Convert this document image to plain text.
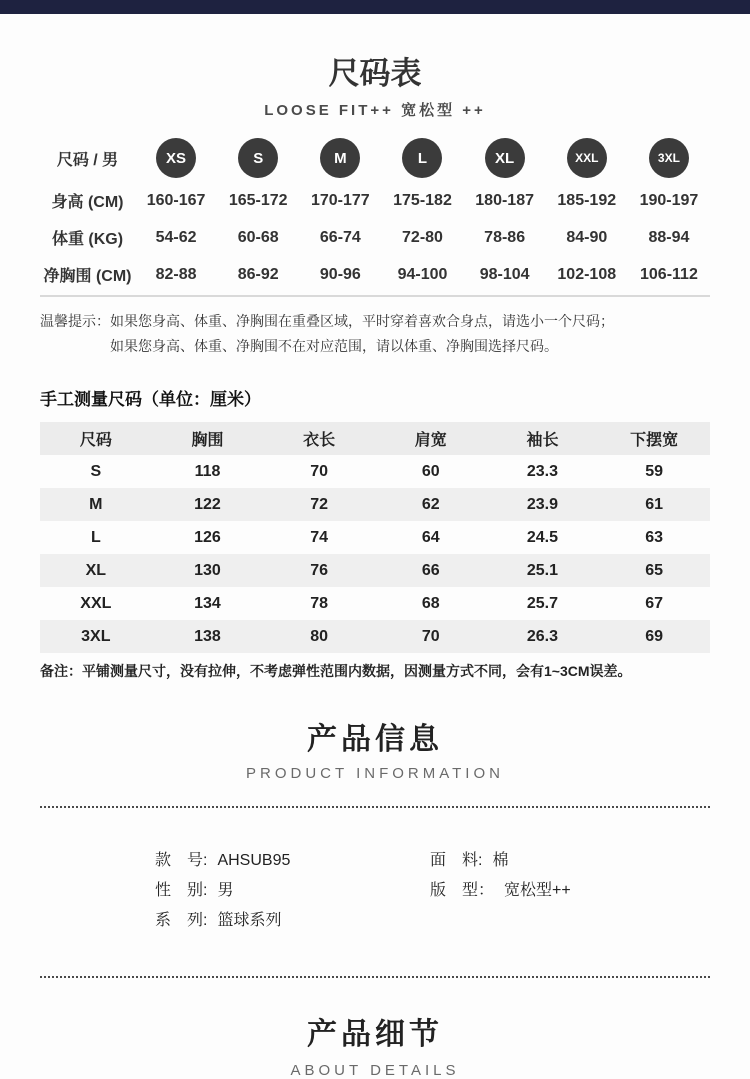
尺码表
LOOSE FIT++ 宽松型 ++
尺码 / 男	XS	S	M	L	XL	XXL	3XL
身高 (CM)	160-167	165-172	170-177	175-182	180-187	185-192	190-197
体重 (KG)	54-62	60-68	66-74	72-80	78-86	84-90	88-94
净胸围 (CM)	82-88	86-92	90-96	94-100	98-104	102-108	106-112
温馨提示： 如果您身高、体重、净胸围在重叠区域，平时穿着喜欢合身点，请选小一个尺码；
如果您身高、体重、净胸围不在对应范围，请以体重、净胸围选择尺码。
手工测量尺码（单位：厘米）
尺码	胸围	衣长	肩宽	袖长	下摆宽
S	118	70	60	23.3	59
M	122	72	62	23.9	61
L	126	74	64	24.5	63
XL	130	76	66	25.1	65
XXL	134	78	68	25.7	67
3XL	138	80	70	26.3	69

备注：平铺测量尺寸，没有拉伸，不考虑弹性范围内数据，因测量方式不同，会有1~3CM误差。

产品信息
PRODUCT INFORMATION
款　号: AHSUB95
性　别: 男
系　列: 篮球系列
面　料: 棉
版　型： 宽松型++
产品细节
ABOUT DETAILS
